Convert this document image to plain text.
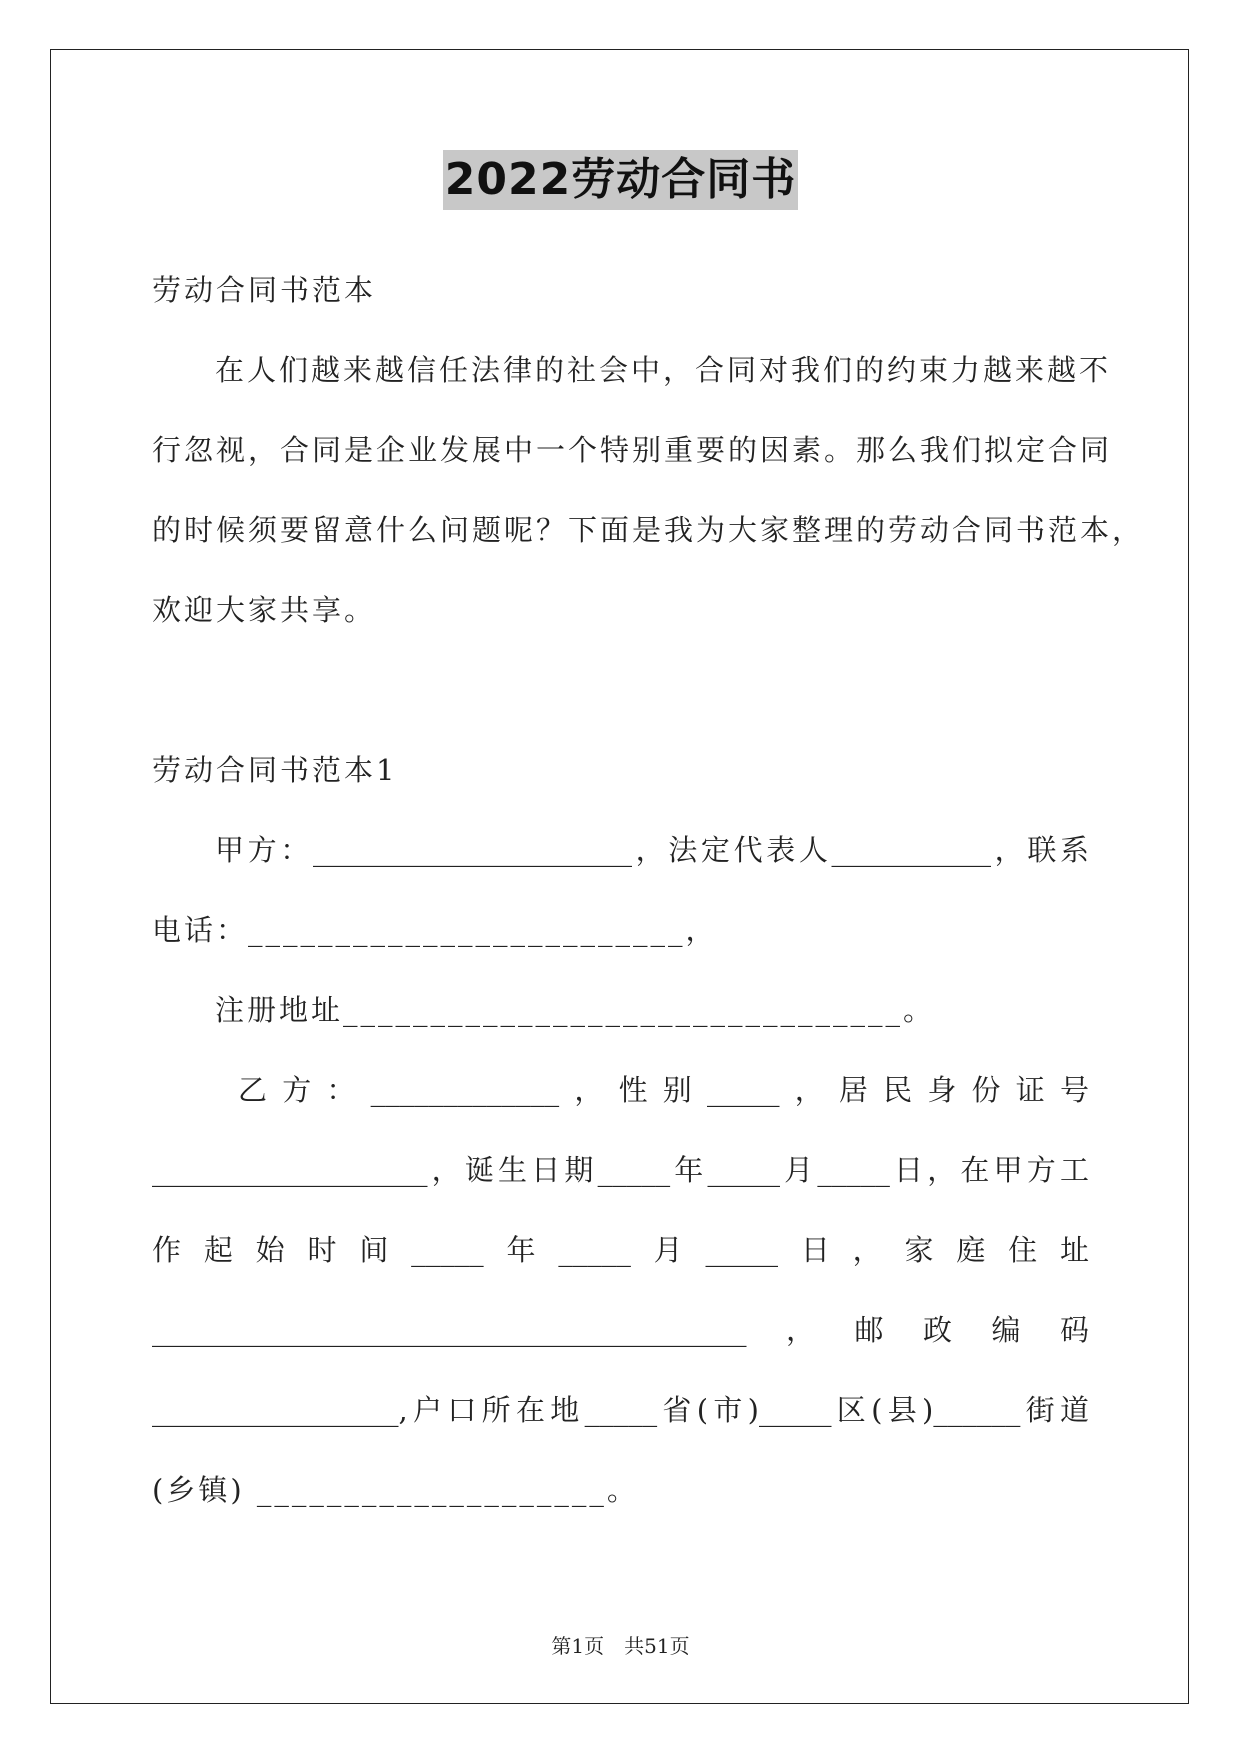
2022劳动合同书
劳动合同书范本
在人们越来越信任法律的社会中，合同对我们的约束力越来越不
行忽视，合同是企业发展中一个特别重要的因素。那么我们拟定合同
的时候须要留意什么问题呢？下面是我为大家整理的劳动合同书范本，
欢迎大家共享。
劳动合同书范本1
甲方：______________________，法定代表人___________，联系
电话：_________________________，
注册地址________________________________。
乙方：_____________，性别_____，居民身份证号
___________________，诞生日期_____年_____月_____日，在甲方工
作起始时间_____年_____月_____日，家庭住址
_________________________________________，邮政编码
_________________,户口所在地_____省(市)_____区(县)______街道
(乡镇) ____________________。
第1页　共51页
